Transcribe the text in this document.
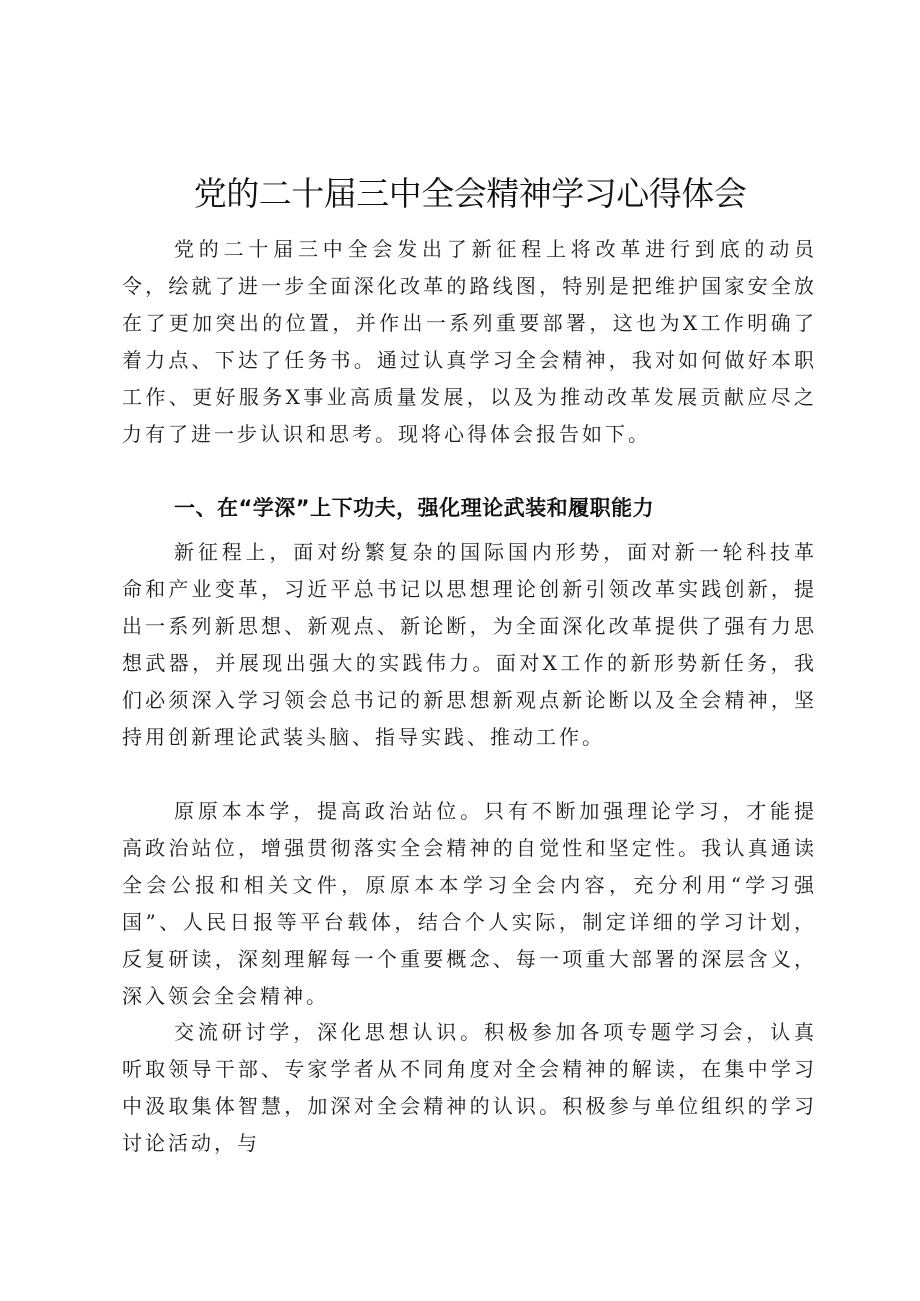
党的二十届三中全会精神学习心得体会

党的二十届三中全会发出了新征程上将改革进行到底的动员令，绘就了进一步全面深化改革的路线图，特别是把维护国家安全放在了更加突出的位置，并作出一系列重要部署，这也为X工作明确了着力点、下达了任务书。通过认真学习全会精神，我对如何做好本职工作、更好服务X事业高质量发展，以及为推动改革发展贡献应尽之力有了进一步认识和思考。现将心得体会报告如下。

一、在“学深”上下功夫，强化理论武装和履职能力

新征程上，面对纷繁复杂的国际国内形势，面对新一轮科技革命和产业变革，习近平总书记以思想理论创新引领改革实践创新，提出一系列新思想、新观点、新论断，为全面深化改革提供了强有力思想武器，并展现出强大的实践伟力。面对X工作的新形势新任务，我们必须深入学习领会总书记的新思想新观点新论断以及全会精神，坚持用创新理论武装头脑、指导实践、推动工作。

原原本本学，提高政治站位。只有不断加强理论学习，才能提高政治站位，增强贯彻落实全会精神的自觉性和坚定性。我认真通读全会公报和相关文件，原原本本学习全会内容，充分利用“学习强国”、人民日报等平台载体，结合个人实际，制定详细的学习计划，反复研读，深刻理解每一个重要概念、每一项重大部署的深层含义，深入领会全会精神。

交流研讨学，深化思想认识。积极参加各项专题学习会，认真听取领导干部、专家学者从不同角度对全会精神的解读，在集中学习中汲取集体智慧，加深对全会精神的认识。积极参与单位组织的学习讨论活动，与
